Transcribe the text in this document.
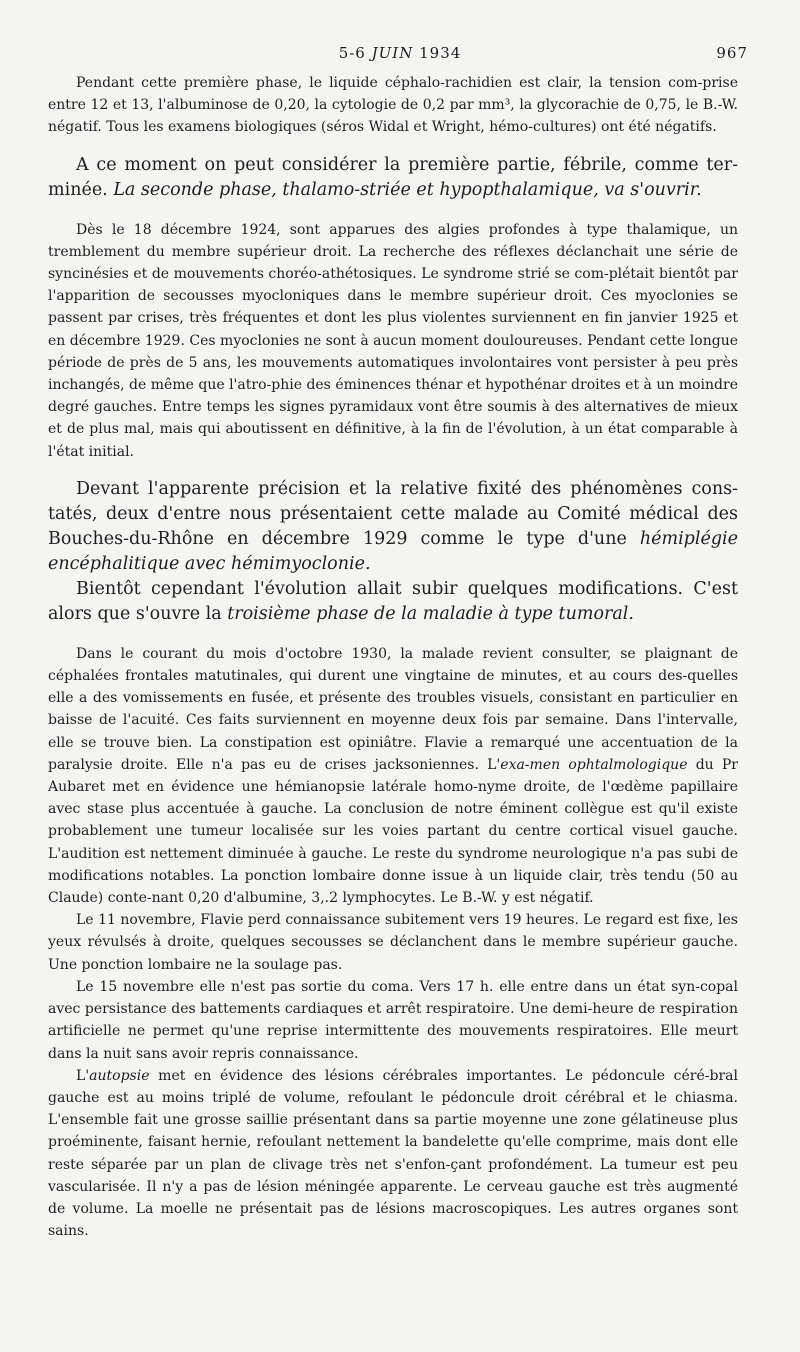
5-6 JUIN 1934	967

Pendant cette première phase, le liquide céphalo-rachidien est clair, la tension com-prise entre 12 et 13, l'albuminose de 0,20, la cytologie de 0,2 par mm³, la glycorachie de 0,75, le B.-W. négatif. Tous les examens biologiques (séros Widal et Wright, hémo-cultures) ont été négatifs.

A ce moment on peut considérer la première partie, fébrile, comme ter-minée. La seconde phase, thalamo-striée et hypopthalamique, va s'ouvrir.

Dès le 18 décembre 1924, sont apparues des algies profondes à type thalamique, un tremblement du membre supérieur droit. La recherche des réflexes déclanchait une série de syncinésies et de mouvements choréo-athétosiques. Le syndrome strié se com-plétait bientôt par l'apparition de secousses myocloniques dans le membre supérieur droit. Ces myoclonies se passent par crises, très fréquentes et dont les plus violentes surviennent en fin janvier 1925 et en décembre 1929. Ces myoclonies ne sont à aucun moment douloureuses. Pendant cette longue période de près de 5 ans, les mouvements automatiques involontaires vont persister à peu près inchangés, de même que l'atro-phie des éminences thénar et hypothénar droites et à un moindre degré gauches. Entre temps les signes pyramidaux vont être soumis à des alternatives de mieux et de plus mal, mais qui aboutissent en définitive, à la fin de l'évolution, à un état comparable à l'état initial.

Devant l'apparente précision et la relative fixité des phénomènes cons-tatés, deux d'entre nous présentaient cette malade au Comité médical des Bouches-du-Rhône en décembre 1929 comme le type d'une hémiplégie encéphalitique avec hémimyoclonie.

Bientôt cependant l'évolution allait subir quelques modifications. C'est alors que s'ouvre la troisième phase de la maladie à type tumoral.

Dans le courant du mois d'octobre 1930, la malade revient consulter, se plaignant de céphalées frontales matutinales, qui durent une vingtaine de minutes, et au cours des-quelles elle a des vomissements en fusée, et présente des troubles visuels, consistant en particulier en baisse de l'acuité. Ces faits surviennent en moyenne deux fois par semaine. Dans l'intervalle, elle se trouve bien. La constipation est opiniâtre. Flavie a remarqué une accentuation de la paralysie droite. Elle n'a pas eu de crises jacksoniennes. L'exa-men ophtalmologique du Pr Aubaret met en évidence une hémianopsie latérale homo-nyme droite, de l'œdème papillaire avec stase plus accentuée à gauche. La conclusion de notre éminent collègue est qu'il existe probablement une tumeur localisée sur les voies partant du centre cortical visuel gauche. L'audition est nettement diminuée à gauche. Le reste du syndrome neurologique n'a pas subi de modifications notables. La ponction lombaire donne issue à un liquide clair, très tendu (50 au Claude) conte-nant 0,20 d'albumine, 3,.2 lymphocytes. Le B.-W. y est négatif.

Le 11 novembre, Flavie perd connaissance subitement vers 19 heures. Le regard est fixe, les yeux révulsés à droite, quelques secousses se déclanchent dans le membre supérieur gauche. Une ponction lombaire ne la soulage pas.

Le 15 novembre elle n'est pas sortie du coma. Vers 17 h. elle entre dans un état syn-copal avec persistance des battements cardiaques et arrêt respiratoire. Une demi-heure de respiration artificielle ne permet qu'une reprise intermittente des mouvements respiratoires. Elle meurt dans la nuit sans avoir repris connaissance.

L'autopsie met en évidence des lésions cérébrales importantes. Le pédoncule céré-bral gauche est au moins triplé de volume, refoulant le pédoncule droit cérébral et le chiasma. L'ensemble fait une grosse saillie présentant dans sa partie moyenne une zone gélatineuse plus proéminente, faisant hernie, refoulant nettement la bandelette qu'elle comprime, mais dont elle reste séparée par un plan de clivage très net s'enfon-çant profondément. La tumeur est peu vascularisée. Il n'y a pas de lésion méningée apparente. Le cerveau gauche est très augmenté de volume. La moelle ne présentait pas de lésions macroscopiques. Les autres organes sont sains.
